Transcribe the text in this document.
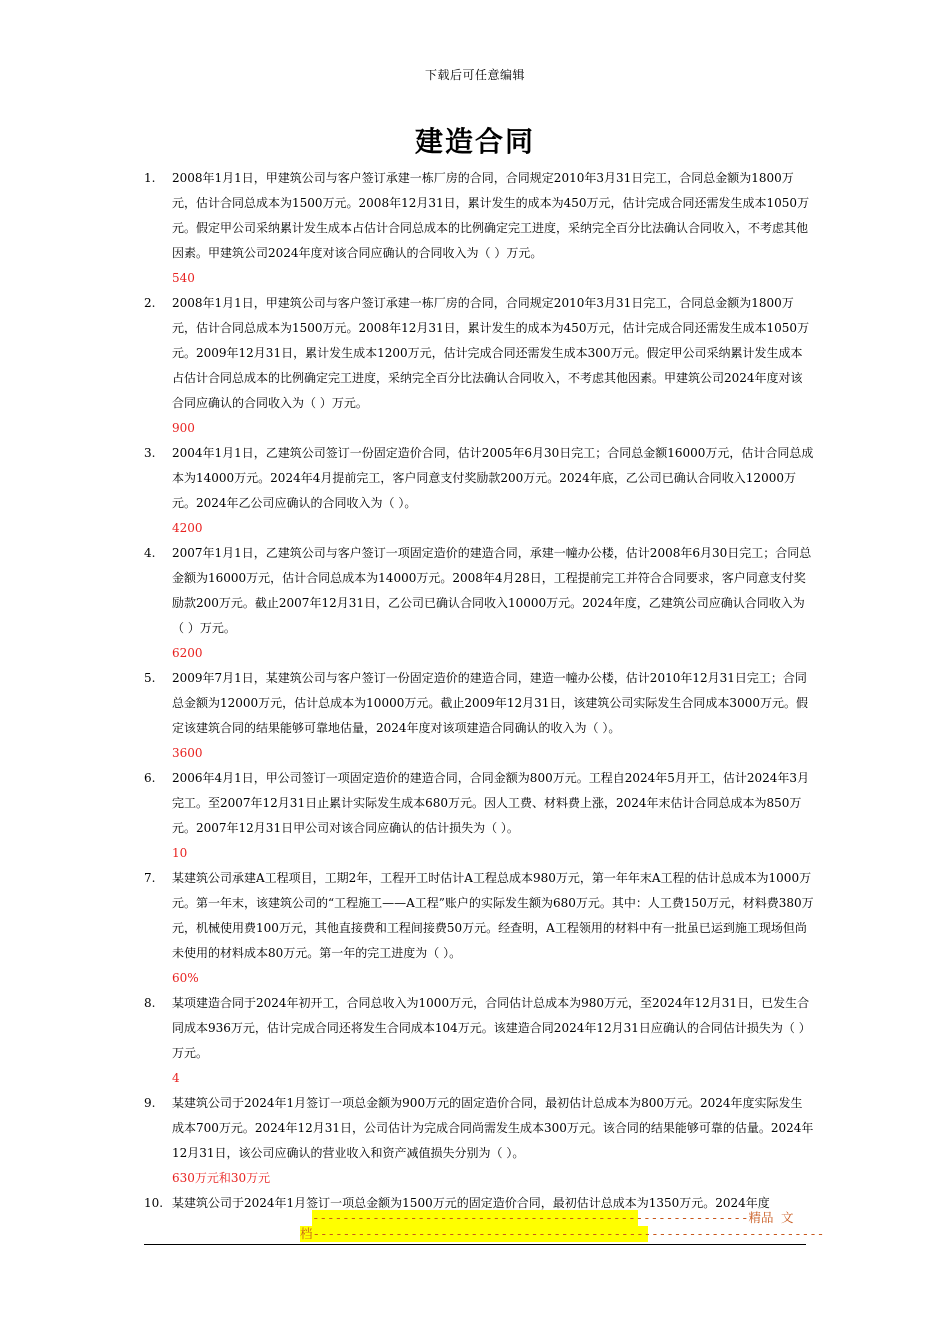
下载后可任意编辑
建造合同
1. 2008年1月1日，甲建筑公司与客户签订承建一栋厂房的合同，合同规定2010年3月31日完工，合同总金额为1800万元，估计合同总成本为1500万元。2008年12月31日，累计发生的成本为450万元，估计完成合同还需发生成本1050万元。假定甲公司采纳累计发生成本占估计合同总成本的比例确定完工进度，采纳完全百分比法确认合同收入，不考虑其他因素。甲建筑公司2024年度对该合同应确认的合同收入为（ ）万元。

540

2. 2008年1月1日，甲建筑公司与客户签订承建一栋厂房的合同，合同规定2010年3月31日完工，合同总金额为1800万元，估计合同总成本为1500万元。2008年12月31日，累计发生的成本为450万元，估计完成合同还需发生成本1050万元。2009年12月31日，累计发生成本1200万元，估计完成合同还需发生成本300万元。假定甲公司采纳累计发生成本占估计合同总成本的比例确定完工进度，采纳完全百分比法确认合同收入，不考虑其他因素。甲建筑公司2024年度对该合同应确认的合同收入为（ ）万元。

900

3. 2004年1月1日，乙建筑公司签订一份固定造价合同，估计2005年6月30日完工；合同总金额16000万元，估计合同总成本为14000万元。2024年4月提前完工，客户同意支付奖励款200万元。2024年底，乙公司已确认合同收入12000万元。2024年乙公司应确认的合同收入为（ ）。

4200

4. 2007年1月1日，乙建筑公司与客户签订一项固定造价的建造合同，承建一幢办公楼，估计2008年6月30日完工；合同总金额为16000万元，估计合同总成本为14000万元。2008年4月28日，工程提前完工并符合合同要求，客户同意支付奖励款200万元。截止2007年12月31日，乙公司已确认合同收入10000万元。2024年度，乙建筑公司应确认合同收入为（ ）万元。

6200

5. 2009年7月1日，某建筑公司与客户签订一份固定造价的建造合同，建造一幢办公楼，估计2010年12月31日完工；合同总金额为12000万元，估计总成本为10000万元。截止2009年12月31日，该建筑公司实际发生合同成本3000万元。假定该建筑合同的结果能够可靠地估量，2024年度对该项建造合同确认的收入为（ ）。

3600

6. 2006年4月1日，甲公司签订一项固定造价的建造合同，合同金额为800万元。工程自2024年5月开工，估计2024年3月完工。至2007年12月31日止累计实际发生成本680万元。因人工费、材料费上涨，2024年末估计合同总成本为850万元。2007年12月31日甲公司对该合同应确认的估计损失为（ ）。

10

7. 某建筑公司承建A工程项目，工期2年，工程开工时估计A工程总成本980万元，第一年年末A工程的估计总成本为1000万元。第一年末，该建筑公司的“工程施工——A工程”账户的实际发生额为680万元。其中：人工费150万元，材料费380万元，机械使用费100万元，其他直接费和工程间接费50万元。经查明，A工程领用的材料中有一批虽已运到施工现场但尚未使用的材料成本80万元。第一年的完工进度为（ ）。

60%

8. 某项建造合同于2024年初开工，合同总收入为1000万元，合同估计总成本为980万元，至2024年12月31日，已发生合同成本936万元，估计完成合同还将发生合同成本104万元。该建造合同2024年12月31日应确认的合同估计损失为（ ）万元。

4

9. 某建筑公司于2024年1月签订一项总金额为900万元的固定造价合同，最初估计总成本为800万元。2024年度实际发生成本700万元。2024年12月31日，公司估计为完成合同尚需发生成本300万元。该合同的结果能够可靠的估量。2024年12月31日，该公司应确认的营业收入和资产减值损失分别为（ ）。

630万元和30万元

10. 某建筑公司于2024年1月签订一项总金额为1500万元的固定造价合同，最初估计总成本为1350万元。2024年度

----------------------------------------------------------精品 文
档--------------------------------------------------------------------
